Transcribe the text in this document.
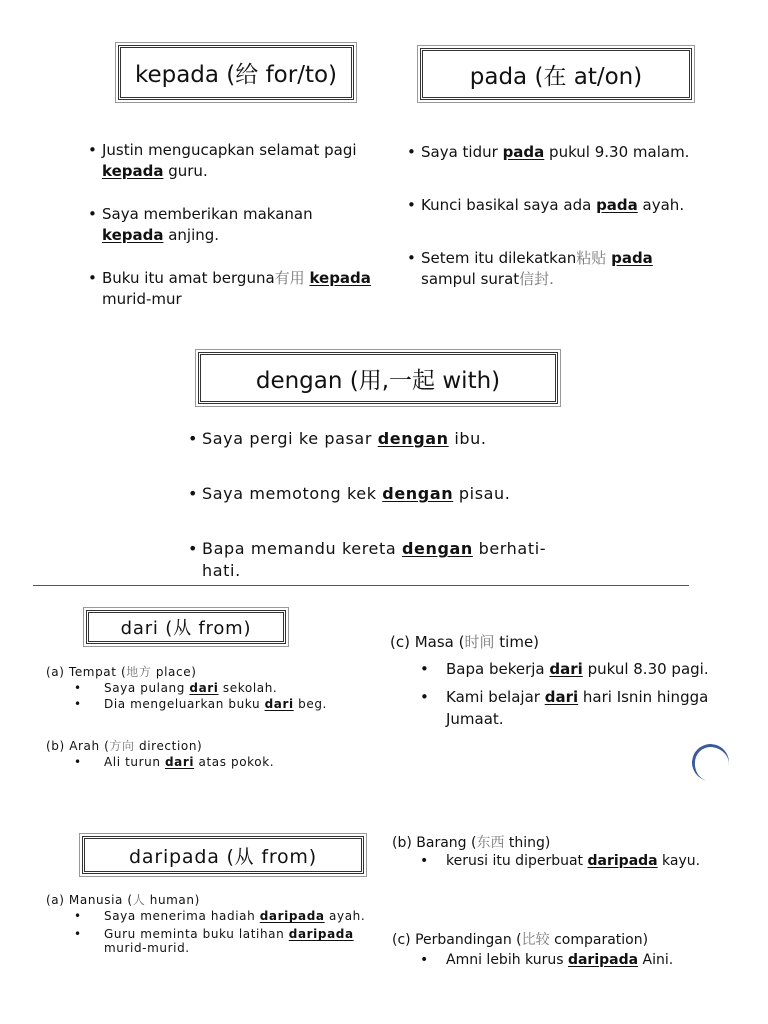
kepada (给 for/to)
• Justin mengucapkan selamat pagi kepada guru.
• Saya memberikan makanan kepada anjing.
• Buku itu amat berguna有用 kepada murid-mur
pada (在 at/on)
• Saya tidur pada pukul 9.30 malam.
• Kunci basikal saya ada pada ayah.
• Setem itu dilekatkan粘贴 pada sampul surat信封.
dengan (用,一起 with)
• Saya pergi ke pasar dengan ibu.
• Saya memotong kek dengan pisau.
• Bapa memandu kereta dengan berhati-hati.
dari (从 from)
(a) Tempat (地方 place)
• Saya pulang dari sekolah.
• Dia mengeluarkan buku dari beg.
(b) Arah (方向 direction)
• Ali turun dari atas pokok.
(c) Masa (时间 time)
• Bapa bekerja dari pukul 8.30 pagi.
• Kami belajar dari hari Isnin hingga Jumaat.
daripada (从 from)
(a) Manusia (人 human)
• Saya menerima hadiah daripada ayah.
• Guru meminta buku latihan daripada murid-murid.
(b) Barang (东西 thing)
• kerusi itu diperbuat daripada kayu.
(c) Perbandingan (比较 comparation)
• Amni lebih kurus daripada Aini.
